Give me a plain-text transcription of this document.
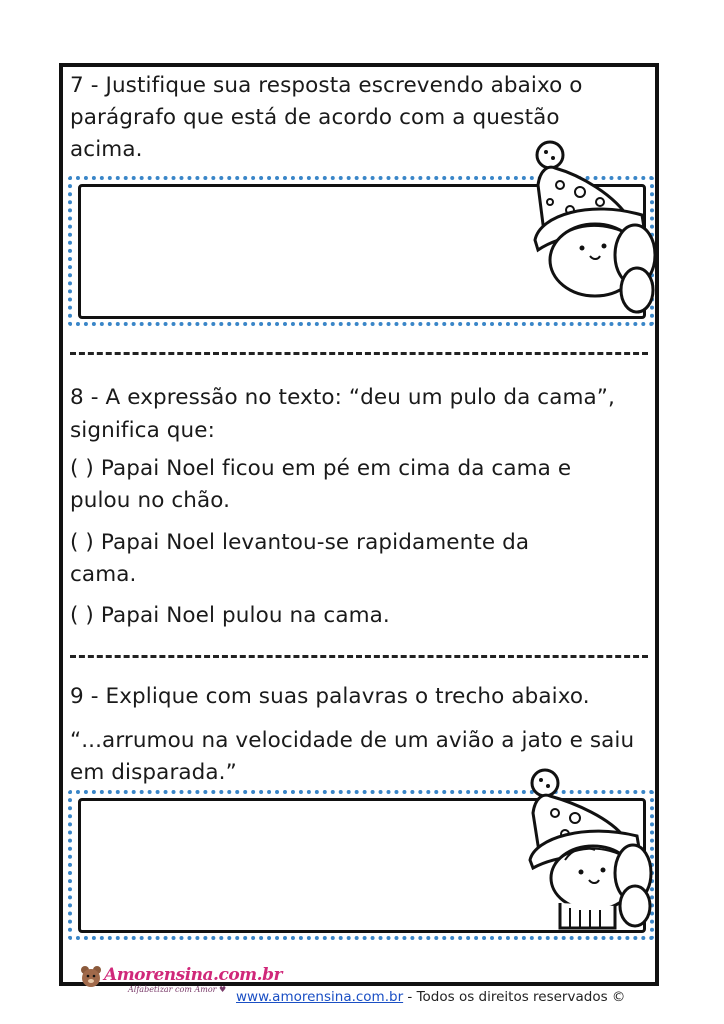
7 - Justifique sua resposta escrevendo abaixo o
parágrafo que está de acordo com a questão
acima.
8 - A expressão no texto: “deu um pulo da cama”,
significa que:
( ) Papai Noel ficou em pé em cima da cama e
pulou no chão.
( ) Papai Noel levantou-se rapidamente da
cama.
( ) Papai Noel pulou na cama.
9 - Explique com suas palavras o trecho abaixo.
“...arrumou na velocidade de um avião a jato e saiu
em disparada.”
Amorensina.com.br
Alfabetizar com Amor ♥ www.amorensina.com.br - Todos os direitos reservados ©
